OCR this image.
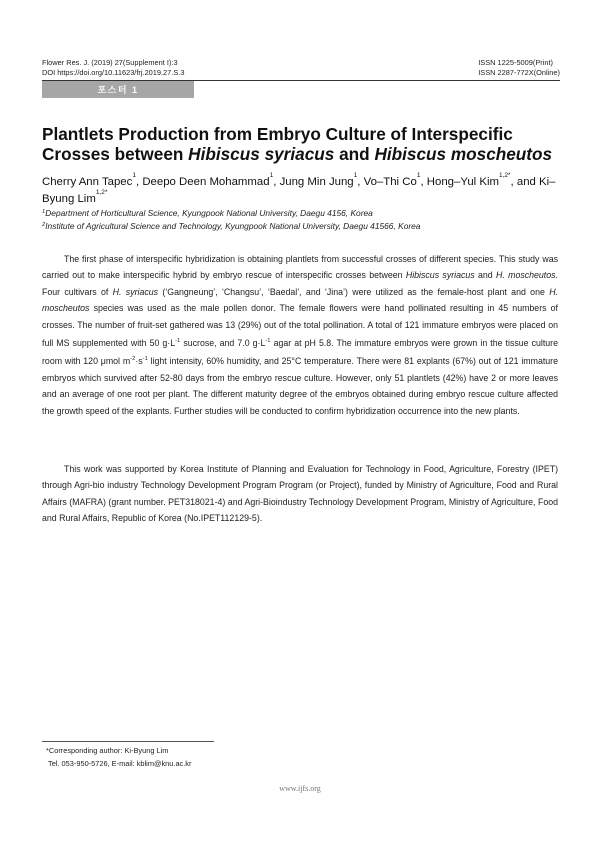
Flower Res. J. (2019) 27(Supplement I):3
DOI https://doi.org/10.11623/frj.2019.27.S.3
ISSN 1225-5009(Print)
ISSN 2287-772X(Online)
포스터 1
Plantlets Production from Embryo Culture of Interspecific Crosses between Hibiscus syriacus and Hibiscus moscheutos
Cherry Ann Tapec$^1$, Deepo Deen Mohammad$^1$, Jung Min Jung$^1$, Vo–Thi Co$^1$, Hong–Yul Kim$^{1,2*}$, and Ki–Byung Lim$^{1,2*}$
$^1$Department of Horticultural Science, Kyungpook National University, Daegu 4156, Korea
$^2$Institute of Agricultural Science and Technology, Kyungpook National University, Daegu 41566, Korea

The first phase of interspecific hybridization is obtaining plantlets from successful crosses of different species. This study was carried out to make interspecific hybrid by embryo rescue of interspecific crosses between Hibiscus syriacus and H. moscheutos. Four cultivars of H. syriacus (‘Gangneung’, ‘Changsu’, ‘Baedal’, and ‘Jina’) were utilized as the female-host plant and one H. moscheutos species was used as the male pollen donor. The female flowers were hand pollinated resulting in 45 numbers of crosses. The number of fruit-set gathered was 13 (29%) out of the total pollination. A total of 121 immature embryos were placed on full MS supplemented with 50 $g\cdot L^{-1}$ sucrose, and 7.0 $g\cdot L^{-1}$ agar at pH 5.8. The immature embryos were grown in the tissue culture room with 120 μmol $m^{-2}\cdot s^{-1}$ light intensity, 60% humidity, and 25°C temperature. There were 81 explants (67%) out of 121 immature embryos which survived after 52-80 days from the embryo rescue culture. However, only 51 plantlets (42%) have 2 or more leaves and an average of one root per plant. The different maturity degree of the embryos obtained during embryo rescue culture affected the growth speed of the explants. Further studies will be conducted to confirm hybridization occurrence into the new plants.

This work was supported by Korea Institute of Planning and Evaluation for Technology in Food, Agriculture, Forestry (IPET) through Agri-bio industry Technology Development Program Program (or Project), funded by Ministry of Agriculture, Food and Rural Affairs (MAFRA) (grant number. PET318021-4) and Agri-Bioindustry Technology Development Program, Ministry of Agriculture, Food and Rural Affairs, Republic of Korea (No.IPET112129-5).

*Corresponding author: Ki-Byung Lim
Tel. 053-950-5726, E-mail: kblim@knu.ac.kr
www.ijfs.org
